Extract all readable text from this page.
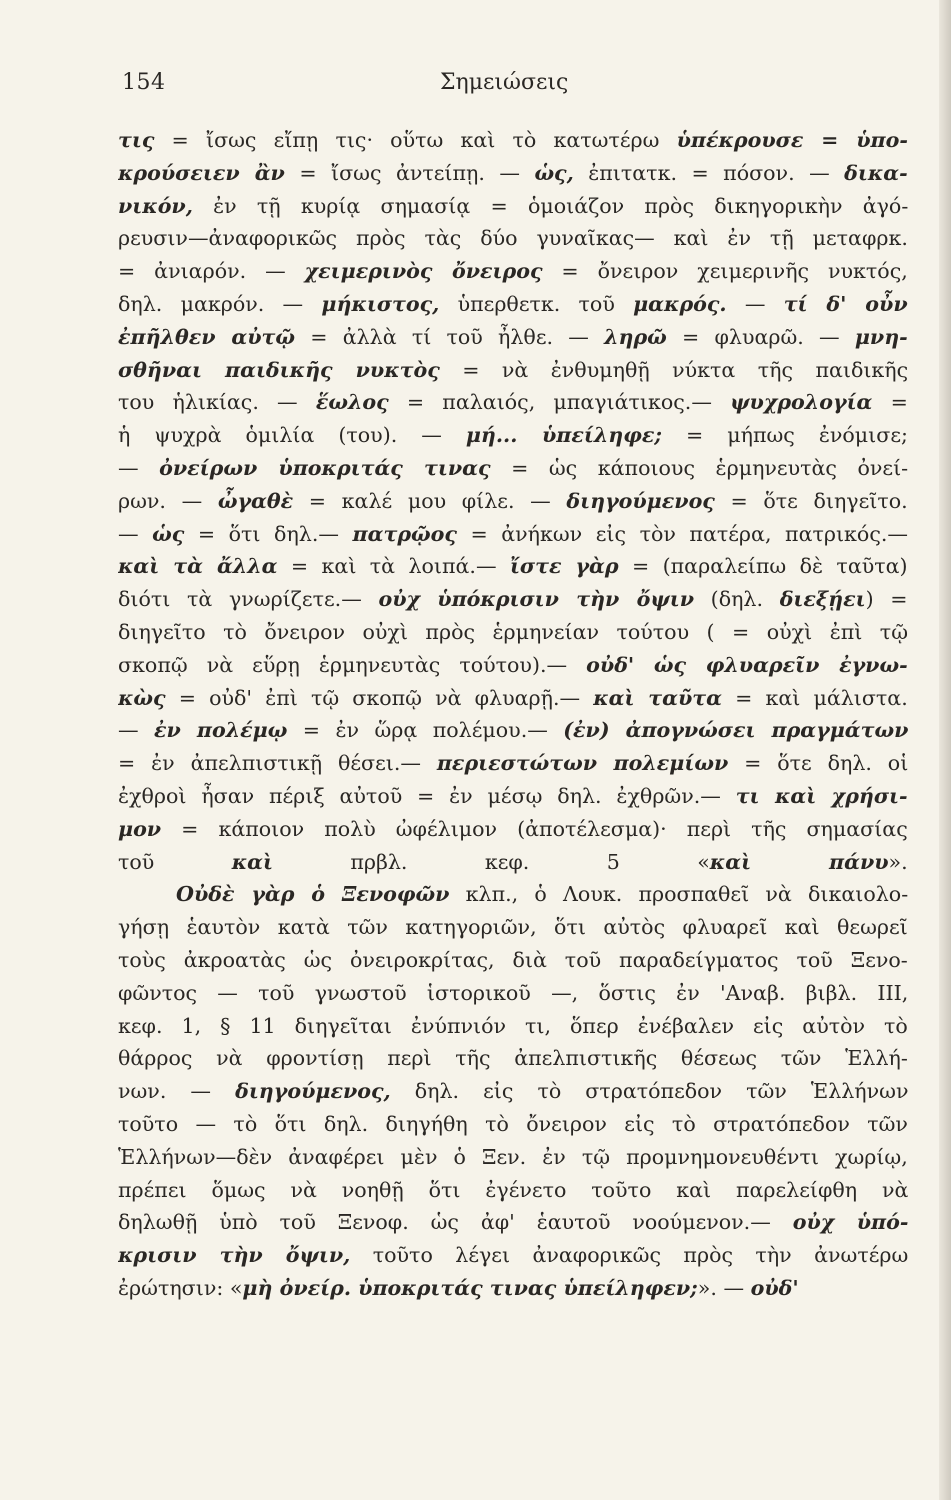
154	Σημειώσεις
τις = ἴσως εἴπῃ τις· οὕτω καὶ τὸ κατωτέρω ὑπέκρουσε = ὑπο-
κρούσειεν ἂν = ἴσως ἀντείπῃ. — ὡς, ἐπιτατκ. = πόσον. — δικα-
νικόν, ἐν τῇ κυρίᾳ σημασίᾳ = ὁμοιάζον πρὸς δικηγορικὴν ἀγό-
ρευσιν—ἀναφορικῶς πρὸς τὰς δύο γυναῖκας— καὶ ἐν τῇ μεταφρκ.
= ἀνιαρόν. — χειμερινὸς ὄνειρος = ὄνειρον χειμερινῆς νυκτός,
δηλ. μακρόν. — μήκιστος, ὑπερθετκ. τοῦ μακρός. — τί δ' οὖν
ἐπῆλθεν αὐτῷ = ἀλλὰ τί τοῦ ἦλθε. — ληρῶ = φλυαρῶ. — μνη-
σθῆναι παιδικῆς νυκτὸς = νὰ ἐνθυμηθῇ νύκτα τῆς παιδικῆς
του ἡλικίας. — ἕωλος = παλαιός, μπαγιάτικος.— ψυχρολογία =
ἡ ψυχρὰ ὁμιλία (του). — μή... ὑπείληφε; = μήπως ἐνόμισε;
— ὀνείρων ὑποκριτάς τινας = ὡς κάποιους ἑρμηνευτὰς ὀνεί-
ρων. — ὦγαθὲ = καλέ μου φίλε. — διηγούμενος = ὅτε διηγεῖτο.
— ὡς = ὅτι δηλ.— πατρῷος = ἀνήκων εἰς τὸν πατέρα, πατρικός.—
καὶ τὰ ἄλλα = καὶ τὰ λοιπά.— ἴστε γὰρ = (παραλείπω δὲ ταῦτα)
διότι τὰ γνωρίζετε.— οὐχ ὑπόκρισιν τὴν ὄψιν (δηλ. διεξῄει) =
διηγεῖτο τὸ ὄνειρον οὐχὶ πρὸς ἑρμηνείαν τούτου ( = οὐχὶ ἐπὶ τῷ
σκοπῷ νὰ εὕρῃ ἑρμηνευτὰς τούτου).— οὐδ' ὡς φλυαρεῖν ἐγνω-
κὼς = οὐδ' ἐπὶ τῷ σκοπῷ νὰ φλυαρῇ.— καὶ ταῦτα = καὶ μάλιστα.
— ἐν πολέμῳ = ἐν ὥρᾳ πολέμου.— (ἐν) ἀπογνώσει πραγμάτων
= ἐν ἀπελπιστικῇ θέσει.— περιεστώτων πολεμίων = ὅτε δηλ. οἱ
ἐχθροὶ ἦσαν πέριξ αὐτοῦ = ἐν μέσῳ δηλ. ἐχθρῶν.— τι καὶ χρήσι-
μον = κάποιον πολὺ ὠφέλιμον (ἀποτέλεσμα)· περὶ τῆς σημασίας
τοῦ καὶ πρβλ. κεφ. 5 «καὶ πάνυ».
Οὐδὲ γὰρ ὁ Ξενοφῶν κλπ., ὁ Λουκ. προσπαθεῖ νὰ δικαιολο-
γήσῃ ἑαυτὸν κατὰ τῶν κατηγοριῶν, ὅτι αὐτὸς φλυαρεῖ καὶ θεωρεῖ
τοὺς ἀκροατὰς ὡς ὀνειροκρίτας, διὰ τοῦ παραδείγματος τοῦ Ξενο-
φῶντος — τοῦ γνωστοῦ ἱστορικοῦ —, ὅστις ἐν 'Αναβ. βιβλ. III,
κεφ. 1, § 11 διηγεῖται ἐνύπνιόν τι, ὅπερ ἐνέβαλεν εἰς αὐτὸν τὸ
θάρρος νὰ φροντίσῃ περὶ τῆς ἀπελπιστικῆς θέσεως τῶν Ἑλλή-
νων. — διηγούμενος, δηλ. εἰς τὸ στρατόπεδον τῶν Ἑλλήνων
τοῦτο — τὸ ὅτι δηλ. διηγήθη τὸ ὄνειρον εἰς τὸ στρατόπεδον τῶν
Ἑλλήνων—δὲν ἀναφέρει μὲν ὁ Ξεν. ἐν τῷ προμνημονευθέντι χωρίῳ,
πρέπει ὅμως νὰ νοηθῇ ὅτι ἐγένετο τοῦτο καὶ παρελείφθη νὰ
δηλωθῇ ὑπὸ τοῦ Ξενοφ. ὡς ἀφ' ἑαυτοῦ νοούμενον.— οὐχ ὑπό-
κρισιν τὴν ὄψιν, τοῦτο λέγει ἀναφορικῶς πρὸς τὴν ἀνωτέρω
ἐρώτησιν: «μὴ ὀνείρ. ὑποκριτάς τινας ὑπείληφεν;». — οὐδ'
